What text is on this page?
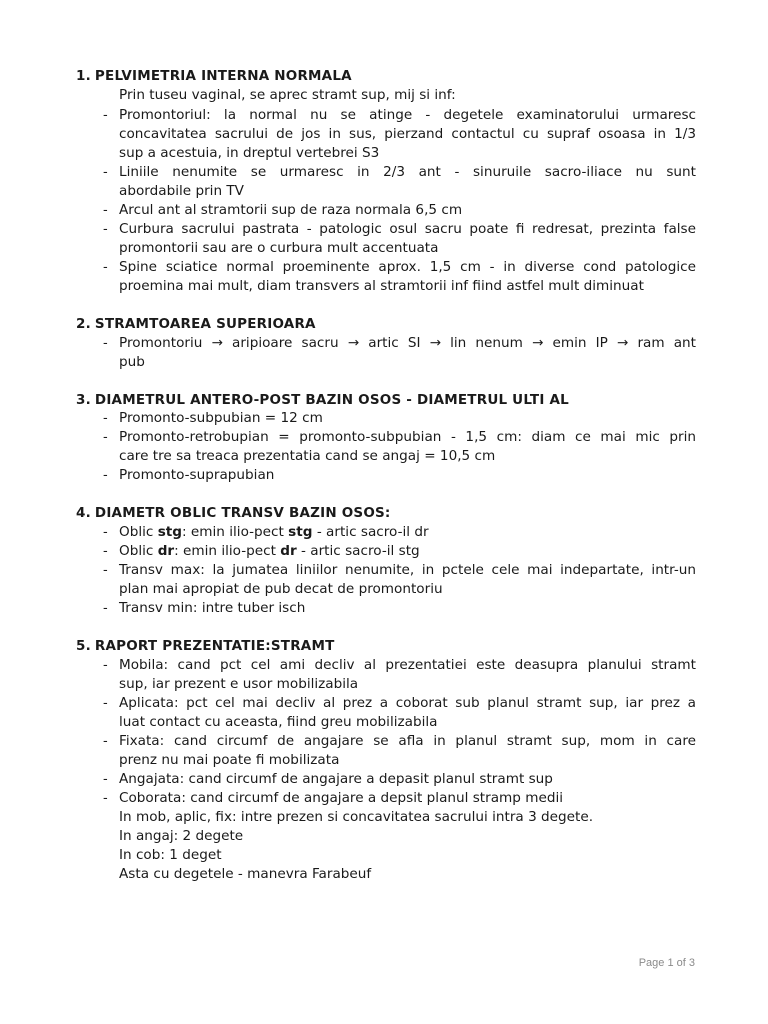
1. PELVIMETRIA INTERNA NORMALA
Prin tuseu vaginal, se aprec stramt sup, mij si inf:
- Promontoriul: la normal nu se atinge - degetele examinatorului urmaresc
concavitatea sacrului de jos in sus, pierzand contactul cu supraf osoasa in 1/3
sup a acestuia, in dreptul vertebrei S3
- Liniile nenumite se urmaresc in 2/3 ant - sinuruile sacro-iliace nu sunt
abordabile prin TV
- Arcul ant al stramtorii sup de raza normala 6,5 cm
- Curbura sacrului pastrata - patologic osul sacru poate fi redresat, prezinta false
promontorii sau are o curbura mult accentuata
- Spine sciatice normal proeminente aprox. 1,5 cm - in diverse cond patologice
proemina mai mult, diam transvers al stramtorii inf fiind astfel mult diminuat
2. STRAMTOAREA SUPERIOARA
- Promontoriu → aripioare sacru → artic SI → lin nenum → emin IP → ram ant
pub
3. DIAMETRUL ANTERO-POST BAZIN OSOS - DIAMETRUL ULTI AL
- Promonto-subpubian = 12 cm
- Promonto-retrobupian = promonto-subpubian - 1,5 cm: diam ce mai mic prin
care tre sa treaca prezentatia cand se angaj = 10,5 cm
- Promonto-suprapubian
4. DIAMETR OBLIC TRANSV BAZIN OSOS:
- Oblic stg: emin ilio-pect stg - artic sacro-il dr
- Oblic dr: emin ilio-pect dr - artic sacro-il stg
- Transv max: la jumatea liniilor nenumite, in pctele cele mai indepartate, intr-un
plan mai apropiat de pub decat de promontoriu
- Transv min: intre tuber isch
5. RAPORT PREZENTATIE:STRAMT
- Mobila: cand pct cel ami decliv al prezentatiei este deasupra planului stramt
sup, iar prezent e usor mobilizabila
- Aplicata: pct cel mai decliv al prez a coborat sub planul stramt sup, iar prez a
luat contact cu aceasta, fiind greu mobilizabila
- Fixata: cand circumf de angajare se afla in planul stramt sup, mom in care
prenz nu mai poate fi mobilizata
- Angajata: cand circumf de angajare a depasit planul stramt sup
- Coborata: cand circumf de angajare a depsit planul stramp medii
In mob, aplic, fix: intre prezen si concavitatea sacrului intra 3 degete.
In angaj: 2 degete
In cob: 1 deget
Asta cu degetele - manevra Farabeuf
Page 1 of 3
